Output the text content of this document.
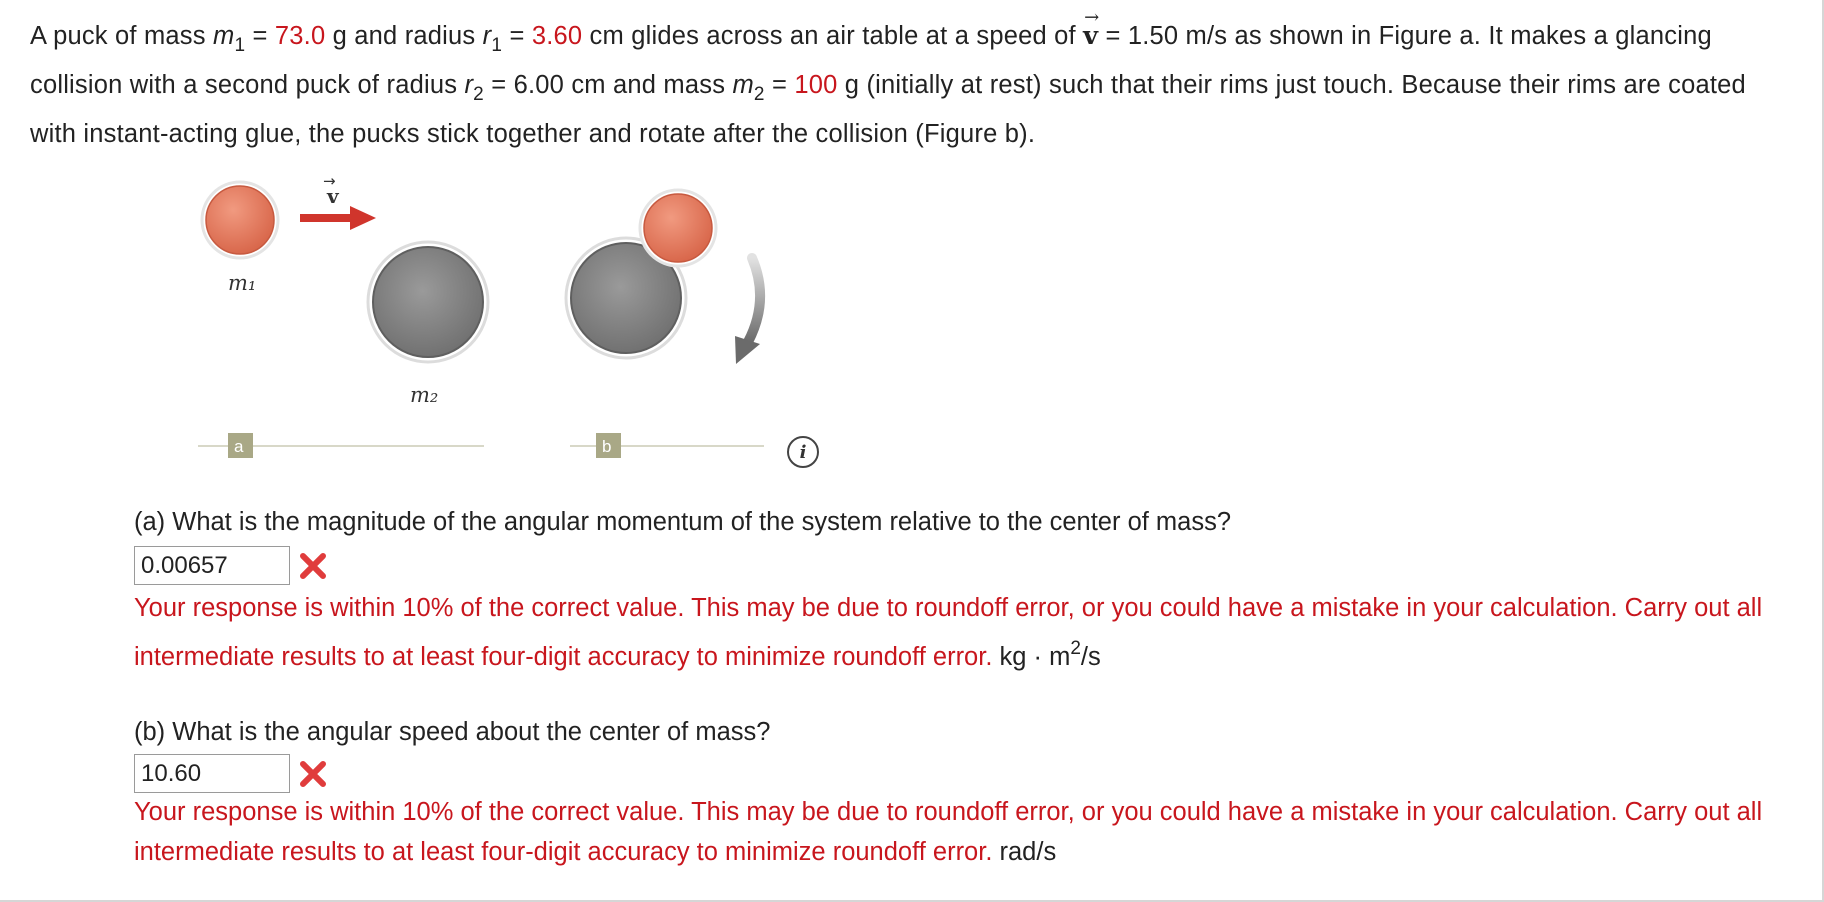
A puck of mass $m_1 = 73.0$ g and radius $r_1 = 3.60$ cm glides across an air table at a speed of → v = 1.50 m/s as shown in Figure a. It makes a glancing collision with a second puck of radius $r_2 = 6.00$ cm and mass $m_2 = 100$ g (initially at rest) such that their rims just touch. Because their rims are coated with instant-acting glue, the pucks stick together and rotate after the collision (Figure b).
m₁
v
→
m₂
a	b	i
(a) What is the magnitude of the angular momentum of the system relative to the center of mass?
0.00657
Your response is within 10% of the correct value. This may be due to roundoff error, or you could have a mistake in your calculation. Carry out all intermediate results to at least four-digit accuracy to minimize roundoff error. kg · $m^2/s$
(b) What is the angular speed about the center of mass?
10.60
Your response is within 10% of the correct value. This may be due to roundoff error, or you could have a mistake in your calculation. Carry out all intermediate results to at least four-digit accuracy to minimize roundoff error. rad/s
